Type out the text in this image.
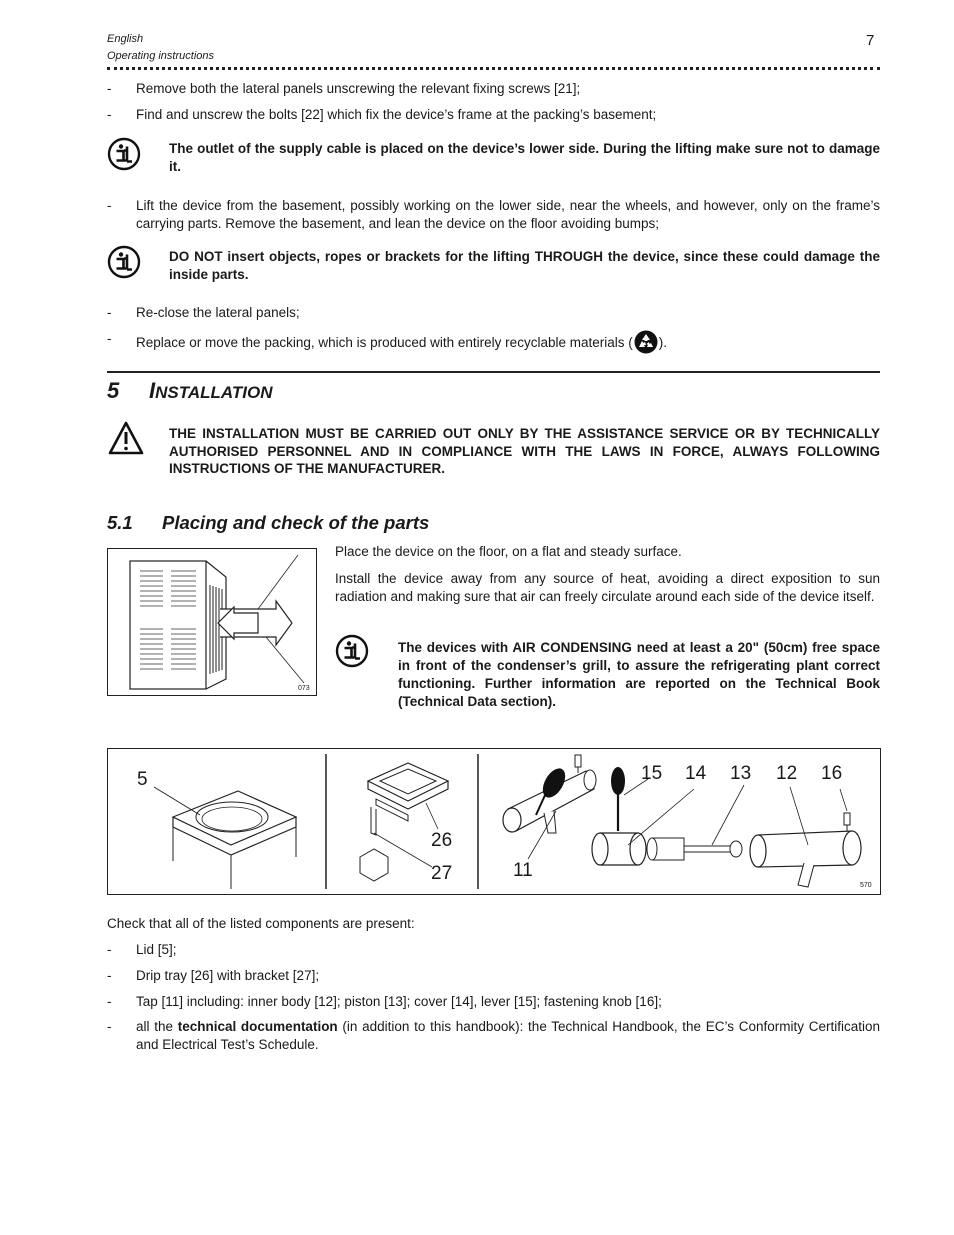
English
Operating instructions
7
- Remove both the lateral panels unscrewing the relevant fixing screws [21];
- Find and unscrew the bolts [22] which fix the device’s frame at the packing’s basement;
The outlet of the supply cable is placed on the device’s lower side. During the lifting make sure not to damage it.
- Lift the device from the basement, possibly working on the lower side, near the wheels, and however, only on the frame’s carrying parts. Remove the basement, and lean the device on the floor avoiding bumps;
DO NOT insert objects, ropes or brackets for the lifting THROUGH the device, since these could damage the inside parts.
- Re-close the lateral panels;
- Replace or move the packing, which is produced with entirely recyclable materials ( ).
5 INSTALLATION
THE INSTALLATION MUST BE CARRIED OUT ONLY BY THE ASSISTANCE SERVICE OR BY TECHNICALLY AUTHORISED PERSONNEL AND IN COMPLIANCE WITH THE LAWS IN FORCE, ALWAYS FOLLOWING INSTRUCTIONS OF THE MANUFACTURER.
5.1 Placing and check of the parts
073
Place the device on the floor, on a flat and steady surface.
Install the device away from any source of heat, avoiding a direct exposition to sun radiation and making sure that air can freely circulate around each side of the device itself.
The devices with AIR CONDENSING need at least a 20" (50cm) free space in front of the condenser’s grill, to assure the refrigerating plant correct functioning. Further information are reported on the Technical Book (Technical Data section).
5
26
27	11
15 14 13 12 16
570
Check that all of the listed components are present:
- Lid [5];
- Drip tray [26] with bracket [27];
- Tap [11] including: inner body [12]; piston [13]; cover [14], lever [15]; fastening knob [16];
- all the technical documentation (in addition to this handbook): the Technical Handbook, the EC’s Conformity Certification and Electrical Test’s Schedule.
